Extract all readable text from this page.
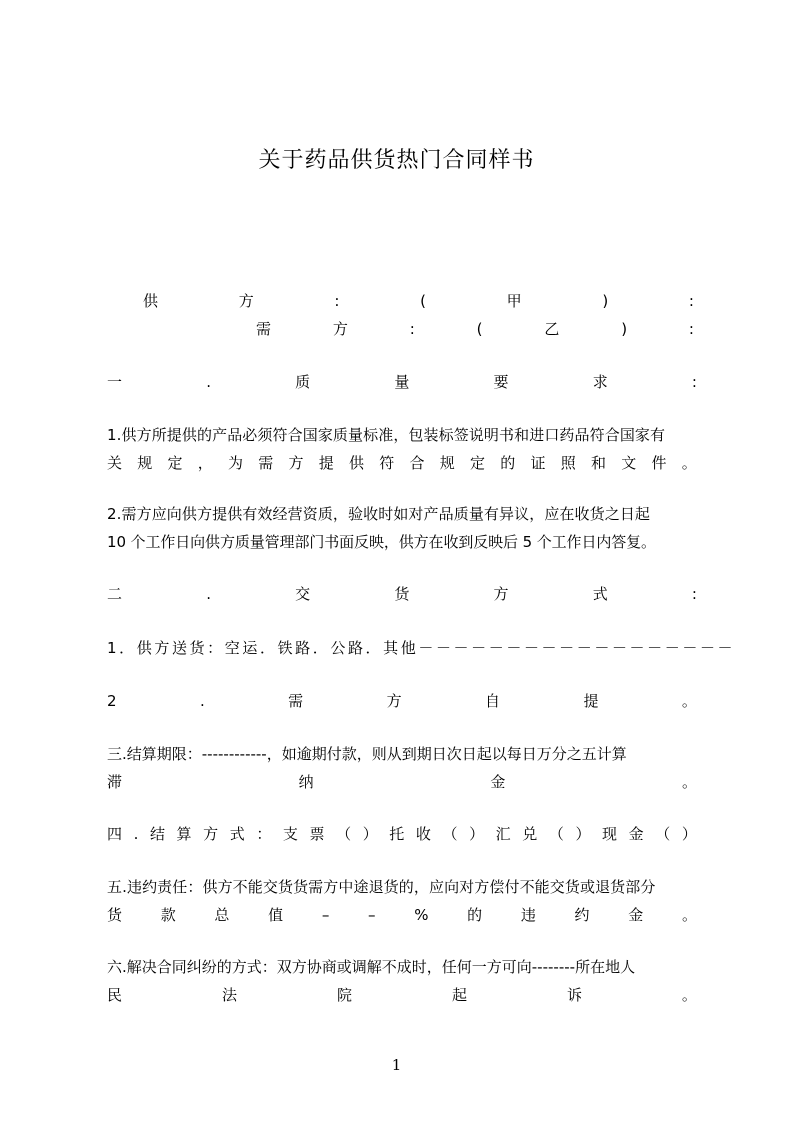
关于药品供货热门合同样书
供	方	:	(	甲	)	:
需	方	:	(	乙	)	:
一	.	质	量	要	求	:
1.供方所提供的产品必须符合国家质量标准，包装标签说明书和进口药品符合国家有
关 规 定 ， 为 需 方 提 供 符 合 规 定 的 证 照 和 文 件 。
2.需方应向供方提供有效经营资质，验收时如对产品质量有异议，应在收货之日起
10 个工作日向供方质量管理部门书面反映，供方在收到反映后 5 个工作日内答复。
二	.	交	货	方	式	:
1．供方送货：空运．铁路．公路．其他－－－－－－－－－－－－－－－－－－
2	.	需	方	自	提	。
三.结算期限：------------，如逾期付款，则从到期日次日起以每日万分之五计算
滞	纳	金	。
四 . 结 算 方 式 ： 支 票 （ ） 托 收 （ ） 汇 兑 （ ） 现 金 （ ）
五.违约责任：供方不能交货货需方中途退货的，应向对方偿付不能交货或退货部分
货	款	总	值	–	–	%	的	违	约	金	。
六.解决合同纠纷的方式：双方协商或调解不成时，任何一方可向--------所在地人
民	法	院	起	诉	。
1
